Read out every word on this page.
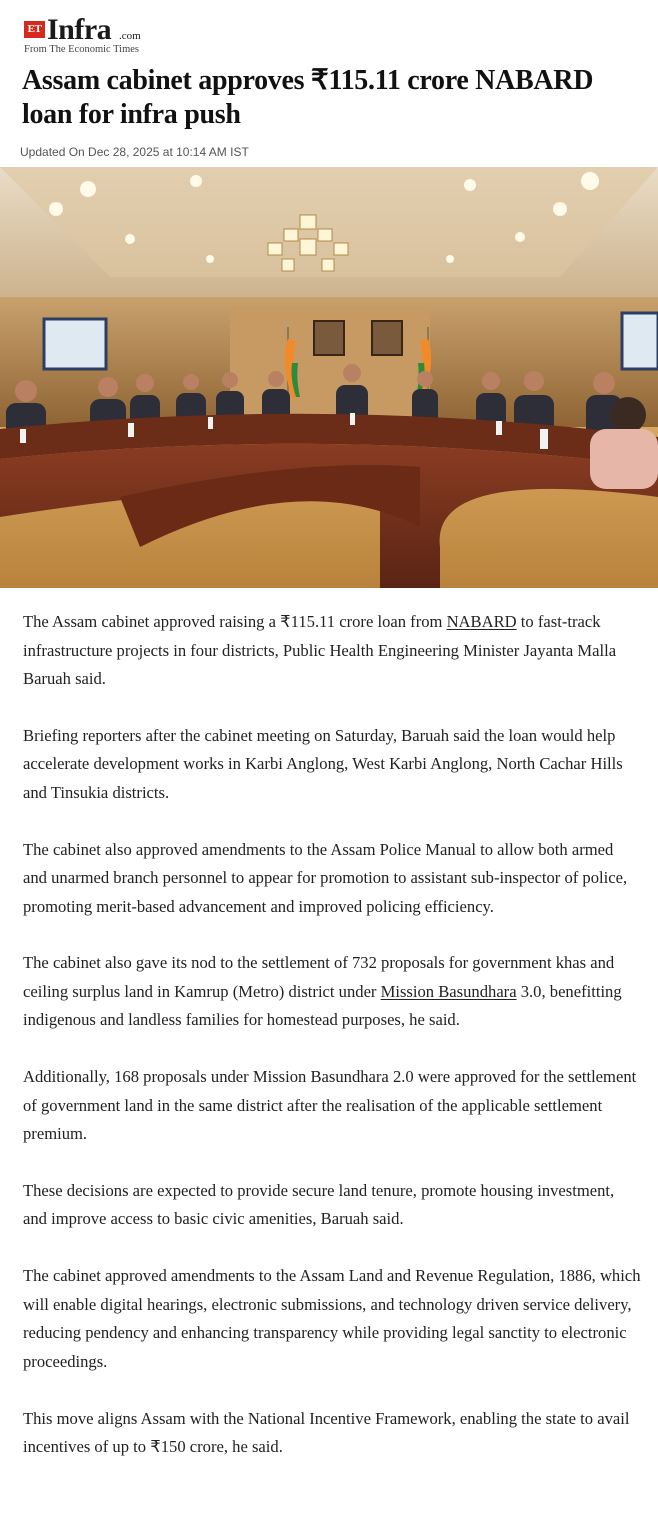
ET Infra .com
From The Economic Times
Assam cabinet approves ₹115.11 crore NABARD loan for infra push
Updated On Dec 28, 2025 at 10:14 AM IST

The Assam cabinet approved raising a ₹115.11 crore loan from NABARD to fast-track infrastructure projects in four districts, Public Health Engineering Minister Jayanta Malla Baruah said.

Briefing reporters after the cabinet meeting on Saturday, Baruah said the loan would help accelerate development works in Karbi Anglong, West Karbi Anglong, North Cachar Hills and Tinsukia districts.

The cabinet also approved amendments to the Assam Police Manual to allow both armed and unarmed branch personnel to appear for promotion to assistant sub-inspector of police, promoting merit-based advancement and improved policing efficiency.

The cabinet also gave its nod to the settlement of 732 proposals for government khas and ceiling surplus land in Kamrup (Metro) district under Mission Basundhara 3.0, benefitting indigenous and landless families for homestead purposes, he said.

Additionally, 168 proposals under Mission Basundhara 2.0 were approved for the settlement of government land in the same district after the realisation of the applicable settlement premium.

These decisions are expected to provide secure land tenure, promote housing investment, and improve access to basic civic amenities, Baruah said.

The cabinet approved amendments to the Assam Land and Revenue Regulation, 1886, which will enable digital hearings, electronic submissions, and technology driven service delivery, reducing pendency and enhancing transparency while providing legal sanctity to electronic proceedings.

This move aligns Assam with the National Incentive Framework, enabling the state to avail incentives of up to ₹150 crore, he said.
